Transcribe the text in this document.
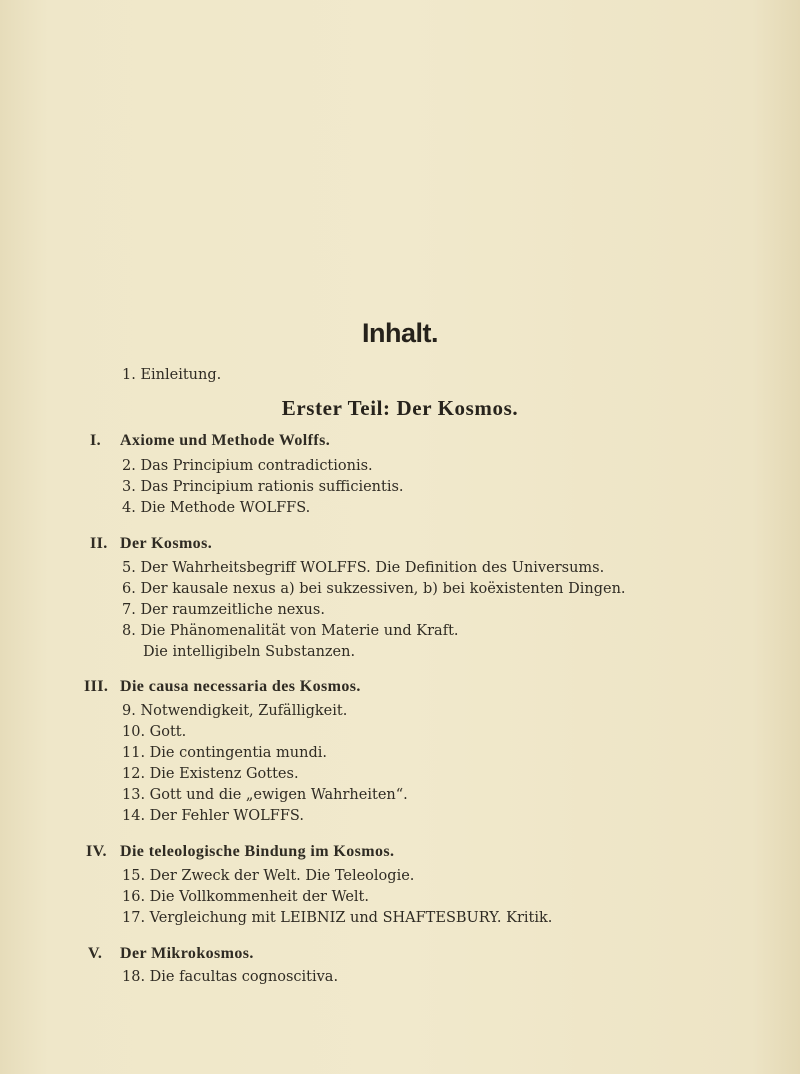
Inhalt.
1. Einleitung.
Erster Teil: Der Kosmos.
I. Axiome und Methode Wolffs.
2. Das Principium contradictionis.
3. Das Principium rationis sufficientis.
4. Die Methode WOLFFS.
II. Der Kosmos.
5. Der Wahrheitsbegriff WOLFFS. Die Definition des Universums.
6. Der kausale nexus a) bei sukzessiven, b) bei koëxistenten Dingen.
7. Der raumzeitliche nexus.
8. Die Phänomenalität von Materie und Kraft.
Die intelligibeln Substanzen.
III. Die causa necessaria des Kosmos.
9. Notwendigkeit, Zufälligkeit.
10. Gott.
11. Die contingentia mundi.
12. Die Existenz Gottes.
13. Gott und die „ewigen Wahrheiten“.
14. Der Fehler WOLFFS.
IV. Die teleologische Bindung im Kosmos.
15. Der Zweck der Welt. Die Teleologie.
16. Die Vollkommenheit der Welt.
17. Vergleichung mit LEIBNIZ und SHAFTESBURY. Kritik.
V. Der Mikrokosmos.
18. Die facultas cognoscitiva.
